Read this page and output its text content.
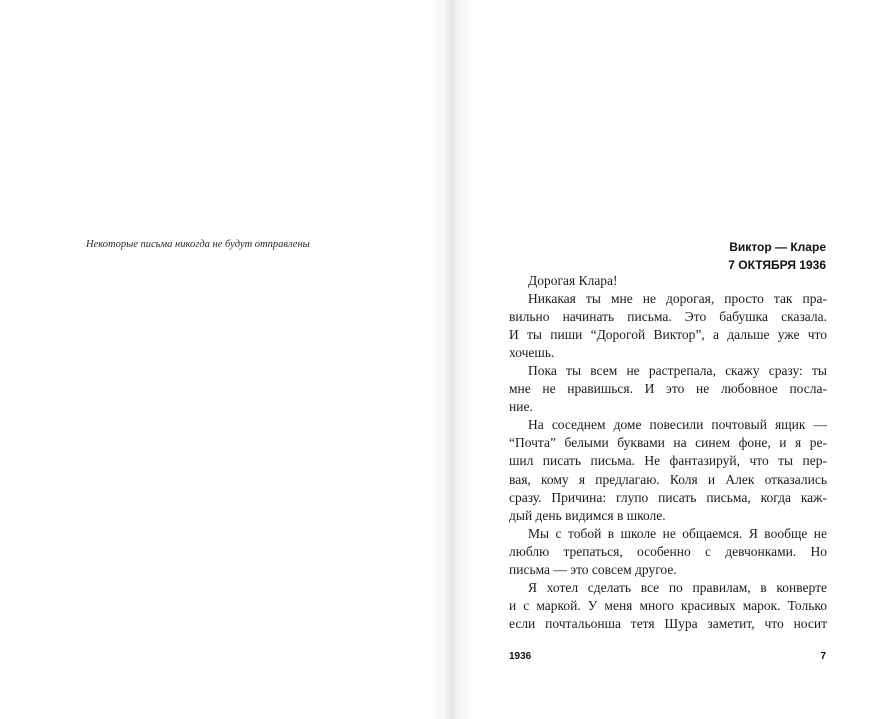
Некоторые письма никогда не будут отправлены	Виктор — Кларе
7 ОКТЯБРЯ 1936
Дорогая Клара!
Никакая ты мне не дорогая, просто так пра-
вильно начинать письма. Это бабушка сказала.
И ты пиши “Дорогой Виктор”, а дальше уже что
хочешь.
Пока ты всем не растрепала, скажу сразу: ты
мне не нравишься. И это не любовное посла-
ние.
На соседнем доме повесили почтовый ящик —
“Почта” белыми буквами на синем фоне, и я ре-
шил писать письма. Не фантазируй, что ты пер-
вая, кому я предлагаю. Коля и Алек отказались
сразу. Причина: глупо писать письма, когда каж-
дый день видимся в школе.
Мы с тобой в школе не общаемся. Я вообще не
люблю трепаться, особенно с девчонками. Но
письма — это совсем другое.
Я хотел сделать все по правилам, в конверте
и с маркой. У меня много красивых марок. Только
если почтальонша тетя Шура заметит, что носит
1936	7
